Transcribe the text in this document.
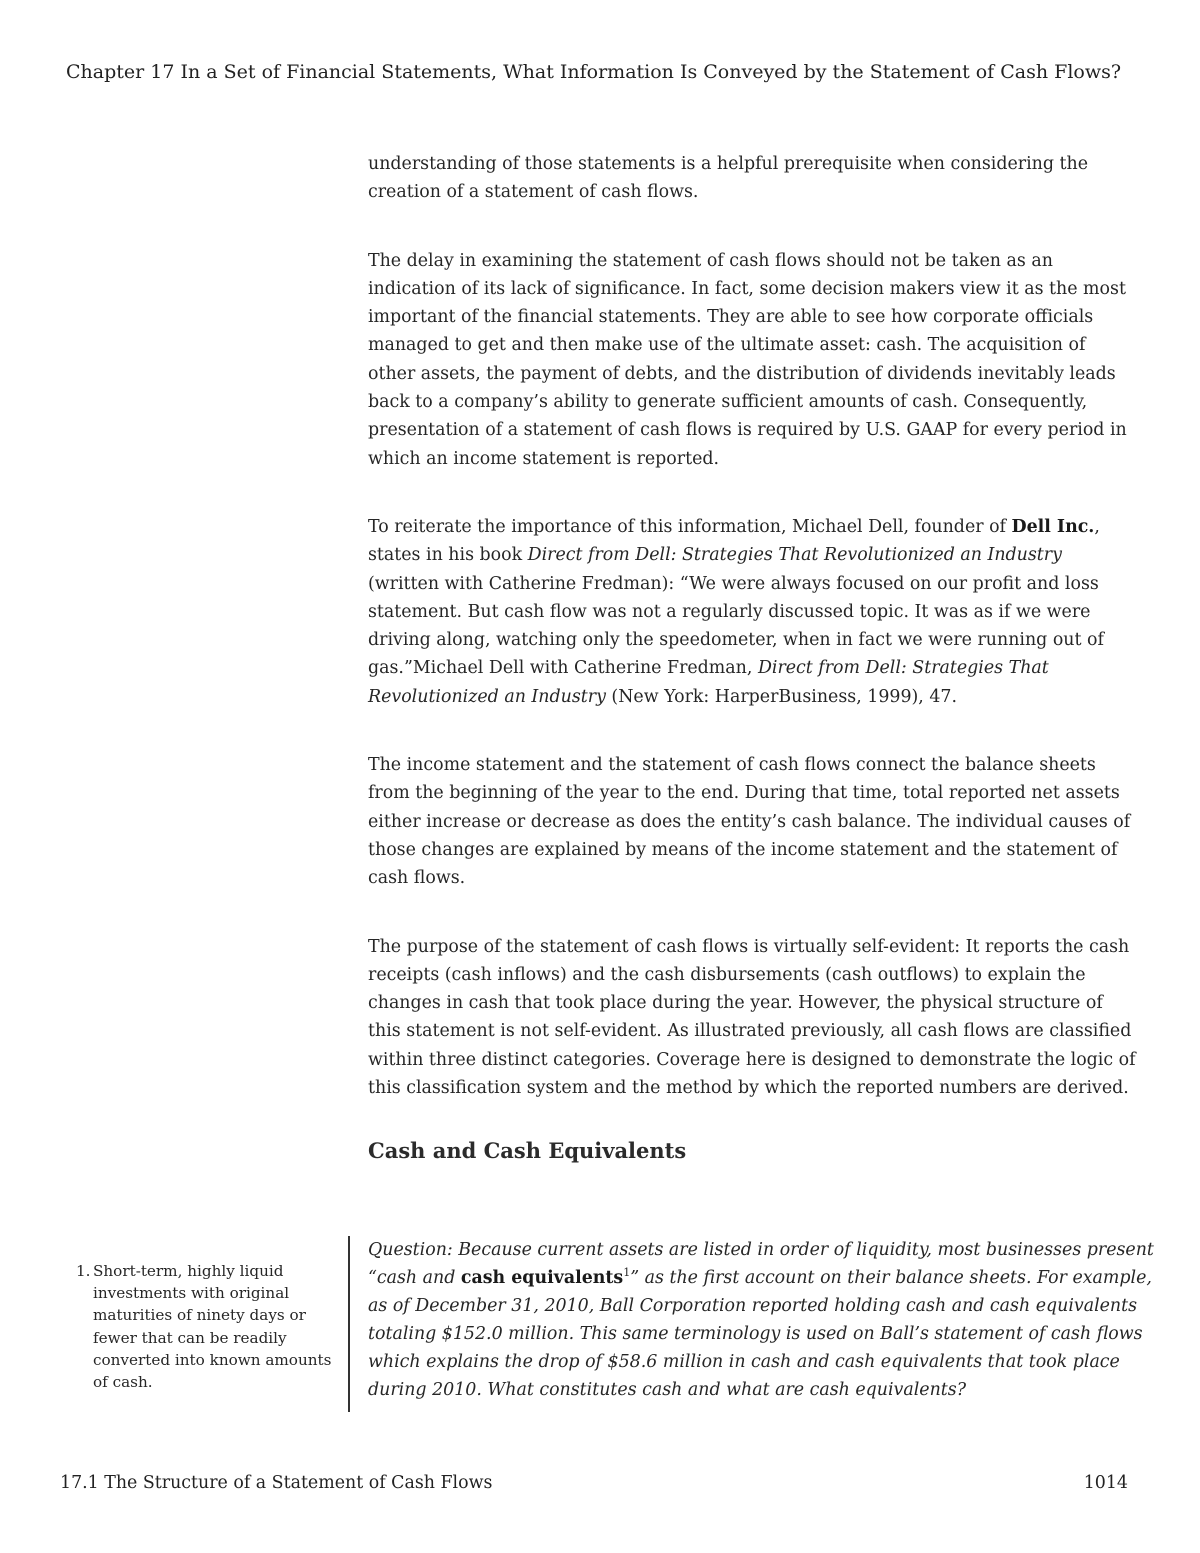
Chapter 17 In a Set of Financial Statements, What Information Is Conveyed by the Statement of Cash Flows?

understanding of those statements is a helpful prerequisite when considering the creation of a statement of cash flows.

The delay in examining the statement of cash flows should not be taken as an indication of its lack of significance. In fact, some decision makers view it as the most important of the financial statements. They are able to see how corporate officials managed to get and then make use of the ultimate asset: cash. The acquisition of other assets, the payment of debts, and the distribution of dividends inevitably leads back to a company’s ability to generate sufficient amounts of cash. Consequently, presentation of a statement of cash flows is required by U.S. GAAP for every period in which an income statement is reported.

To reiterate the importance of this information, Michael Dell, founder of Dell Inc., states in his book Direct from Dell: Strategies That Revolutionized an Industry (written with Catherine Fredman): “We were always focused on our profit and loss statement. But cash flow was not a regularly discussed topic. It was as if we were driving along, watching only the speedometer, when in fact we were running out of gas.”Michael Dell with Catherine Fredman, Direct from Dell: Strategies That Revolutionized an Industry (New York: HarperBusiness, 1999), 47.

The income statement and the statement of cash flows connect the balance sheets from the beginning of the year to the end. During that time, total reported net assets either increase or decrease as does the entity’s cash balance. The individual causes of those changes are explained by means of the income statement and the statement of cash flows.

The purpose of the statement of cash flows is virtually self-evident: It reports the cash receipts (cash inflows) and the cash disbursements (cash outflows) to explain the changes in cash that took place during the year. However, the physical structure of this statement is not self-evident. As illustrated previously, all cash flows are classified within three distinct categories. Coverage here is designed to demonstrate the logic of this classification system and the method by which the reported numbers are derived.

Cash and Cash Equivalents
Question: Because current assets are listed in order of liquidity, most businesses present “cash and cash equivalents$^1$” as the first account on their balance sheets. For example, as of December 31, 2010, Ball Corporation reported holding cash and cash equivalents totaling $152.0 million. This same terminology is used on Ball’s statement of cash flows which explains the drop of $58.6 million in cash and cash equivalents that took place during 2010. What constitutes cash and what are cash equivalents?
1. Short-term, highly liquid investments with original maturities of ninety days or fewer that can be readily converted into known amounts of cash.
17.1 The Structure of a Statement of Cash Flows	1014
